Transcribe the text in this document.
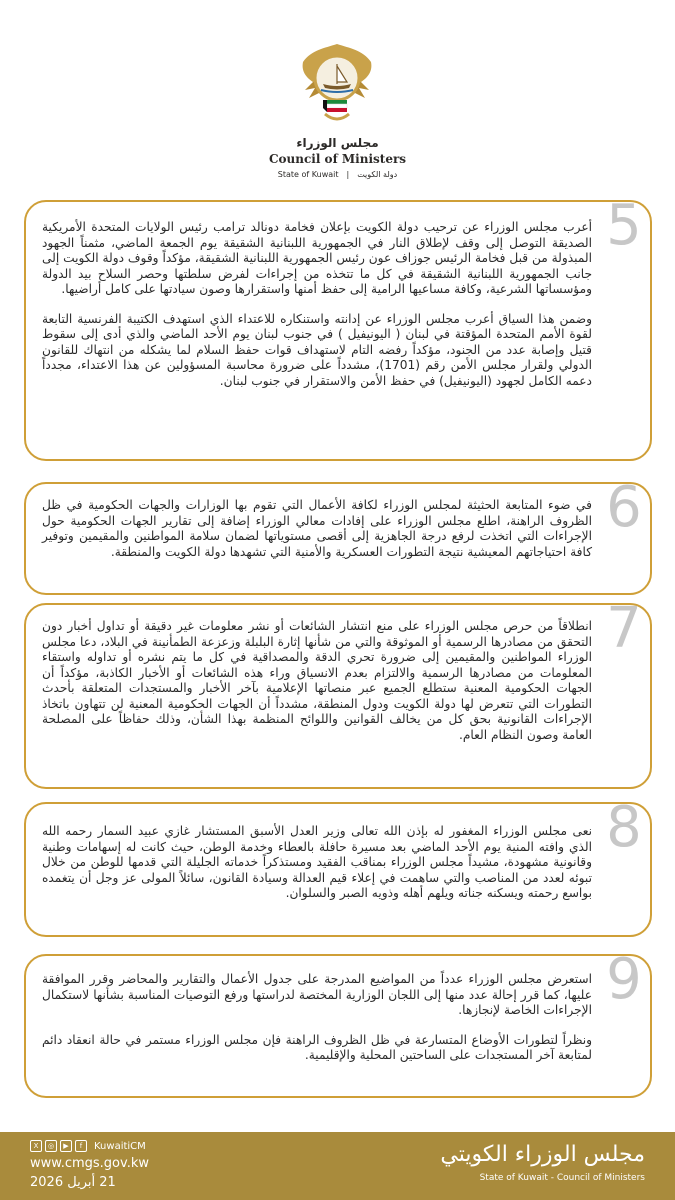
مجلس الوزراء
Council of Ministers
State of Kuwait | دولة الكويت
5

أعرب مجلس الوزراء عن ترحيب دولة الكويت بإعلان فخامة دونالد ترامب رئيس الولايات المتحدة الأمريكية الصديقة التوصل إلى وقف لإطلاق النار في الجمهورية اللبنانية الشقيقة يوم الجمعة الماضي، مثمناً الجهود المبذولة من قبل فخامة الرئيس جوزاف عون رئيس الجمهورية اللبنانية الشقيقة، مؤكداً وقوف دولة الكويت إلى جانب الجمهورية اللبنانية الشقيقة في كل ما تتخذه من إجراءات لفرض سلطتها وحصر السلاح بيد الدولة ومؤسساتها الشرعية، وكافة مساعيها الرامية إلى حفظ أمنها واستقرارها وصون سيادتها على كامل أراضيها.

وضمن هذا السياق أعرب مجلس الوزراء عن إدانته واستنكاره للاعتداء الذي استهدف الكتيبة الفرنسية التابعة لقوة الأمم المتحدة المؤقتة في لبنان ( اليونيفيل ) في جنوب لبنان يوم الأحد الماضي والذي أدى إلى سقوط قتيل وإصابة عدد من الجنود، مؤكداً رفضه التام لاستهداف قوات حفظ السلام لما يشكله من انتهاك للقانون الدولي ولقرار مجلس الأمن رقم (1701)، مشدداً على ضرورة محاسبة المسؤولين عن هذا الاعتداء، مجدداً دعمه الكامل لجهود (اليونيفيل) في حفظ الأمن والاستقرار في جنوب لبنان.

6

في ضوء المتابعة الحثيثة لمجلس الوزراء لكافة الأعمال التي تقوم بها الوزارات والجهات الحكومية في ظل الظروف الراهنة، اطلع مجلس الوزراء على إفادات معالي الوزراء إضافة إلى تقارير الجهات الحكومية حول الإجراءات التي اتخذت لرفع درجة الجاهزية إلى أقصى مستوياتها لضمان سلامة المواطنين والمقيمين وتوفير كافة احتياجاتهم المعيشية نتيجة التطورات العسكرية والأمنية التي تشهدها دولة الكويت والمنطقة.

7

انطلاقاً من حرص مجلس الوزراء على منع انتشار الشائعات أو نشر معلومات غير دقيقة أو تداول أخبار دون التحقق من مصادرها الرسمية أو الموثوقة والتي من شأنها إثارة البلبلة وزعزعة الطمأنينة في البلاد، دعا مجلس الوزراء المواطنين والمقيمين إلى ضرورة تحري الدقة والمصداقية في كل ما يتم نشره أو تداوله واستقاء المعلومات من مصادرها الرسمية والالتزام بعدم الانسياق وراء هذه الشائعات أو الأخبار الكاذبة، مؤكداً أن الجهات الحكومية المعنية ستطلع الجميع عبر منصاتها الإعلامية بآخر الأخبار والمستجدات المتعلقة بأحدث التطورات التي تتعرض لها دولة الكويت ودول المنطقة، مشدداً أن الجهات الحكومية المعنية لن تتهاون باتخاذ الإجراءات القانونية بحق كل من يخالف القوانين واللوائح المنظمة بهذا الشأن، وذلك حفاظاً على المصلحة العامة وصون النظام العام.

8

نعى مجلس الوزراء المغفور له بإذن الله تعالى وزير العدل الأسبق المستشار غازي عبيد السمار رحمه الله الذي وافته المنية يوم الأحد الماضي بعد مسيرة حافلة بالعطاء وخدمة الوطن، حيث كانت له إسهامات وطنية وقانونية مشهودة، مشيداً مجلس الوزراء بمناقب الفقيد ومستذكراً خدماته الجليلة التي قدمها للوطن من خلال تبوئه لعدد من المناصب والتي ساهمت في إعلاء قيم العدالة وسيادة القانون، سائلاً المولى عز وجل أن يتغمده بواسع رحمته ويسكنه جناته ويلهم أهله وذويه الصبر والسلوان.

9

استعرض مجلس الوزراء عدداً من المواضيع المدرجة على جدول الأعمال والتقارير والمحاضر وقرر الموافقة عليها، كما قرر إحالة عدد منها إلى اللجان الوزارية المختصة لدراستها ورفع التوصيات المناسبة بشأنها لاستكمال الإجراءات الخاصة لإنجازها.

ونظراً لتطورات الأوضاع المتسارعة في ظل الظروف الراهنة فإن مجلس الوزراء مستمر في حالة انعقاد دائم لمتابعة آخر المستجدات على الساحتين المحلية والإقليمية.

X	◎	▶	f	KuwaitiCM
www.cmgs.gov.kw
21 أبريل 2026
مجلس الوزراء الكويتي
State of Kuwait - Council of Ministers
